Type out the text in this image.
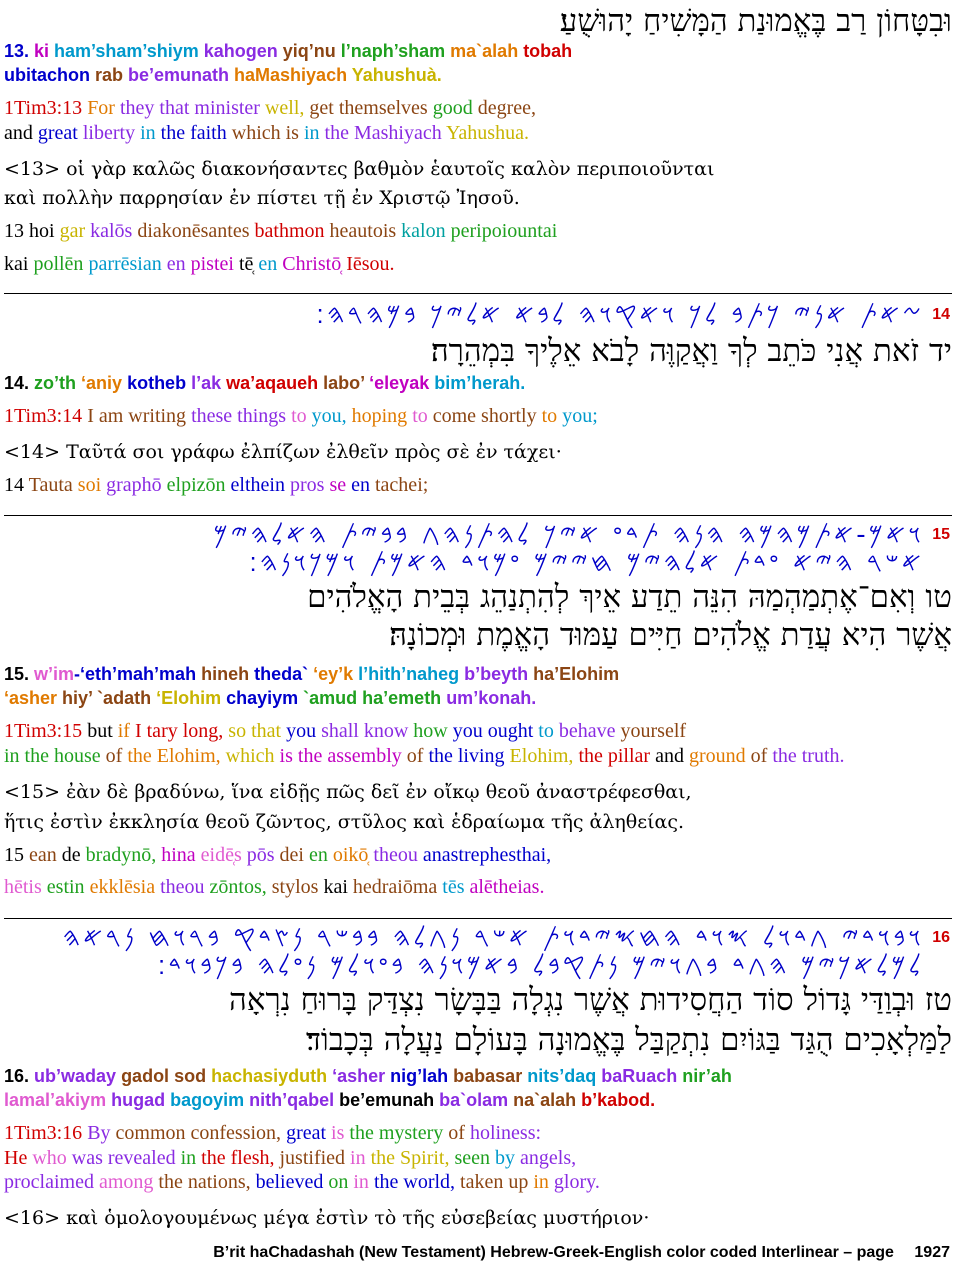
וּבִטָּחוֹן רַב בֶּאֱמוּנַת הַמָּשִׁיחַ יָהוּשֻׁעַ׃
13. ki ham’sham’shiym kahogen yiq’nu l’naph’sham ma`alah tobah
ubitachon rab be’emunath haMashiyach Yahushuà.
1Tim3:13 For they that minister well, get themselves good degree,
and great liberty in the faith which is in the Mashiyach Yahushua.
<13> οἱ γὰρ καλῶς διακονήσαντες βαθμὸν ἑαυτοῖς καλὸν περιποιοῦνται
καὶ πολλὴν παρρησίαν ἐν πίστει τῇ ἐν Χριστῷ Ἰησοῦ.
13 hoi gar kalōs diakonēsantes bathmon heautois kalon peripoiountai
kai pollēn parrēsian en pistei tē̜ en Christō̜ Iēsou.
14
𐤆𐤀𐤕 𐤀𐤍𐤉 𐤊𐤕𐤁 𐤋𐤊 𐤅𐤀𐤒𐤅𐤄 𐤋𐤁𐤀 𐤀𐤋𐤉𐤊 𐤁𐤌𐤄𐤓𐤄׃
יד זֹאת אֲנִי כֹּתֵב לְךָ וַאֲקַוֶּה לָבֹא אֵלֶיךָ בִּמְהֵרָה׃
14. zo’th ‘aniy kotheb l’ak wa’aqaueh labo’ ‘eleyak bim’herah.
1Tim3:14 I am writing these things to you, hoping to come shortly to you;
<14> Ταῦτά σοι γράφω ἐλπίζων ἐλθεῖν πρὸς σὲ ἐν τάχει·
14 Tauta soi graphō elpizōn elthein pros se en tachei;
15
𐤅𐤀𐤌-𐤀𐤕𐤌𐤄𐤌𐤄 𐤄𐤍𐤄 𐤕𐤃𐤏 𐤀𐤉𐤊 𐤋𐤄𐤕𐤍𐤄𐤂 𐤁𐤁𐤉𐤕 𐤄𐤀𐤋𐤄𐤉𐤌
𐤀𐤔𐤓 𐤄𐤉𐤀 𐤏𐤃𐤕 𐤀𐤋𐤄𐤉𐤌 𐤇𐤉𐤉𐤌 𐤏𐤌𐤅𐤃 𐤄𐤀𐤌𐤕 𐤅𐤌𐤊𐤅𐤍𐤄׃
טו וְאִם־אֶתְמַהְמַהּ הִנֵּה תֵדַע אֵיךְ לְהִתְנַהֵג בְּבֵית הָאֱלֹהִים
אֲשֶׁר הִיא עֲדַת אֱלֹהִים חַיִּים עַמּוּד הָאֱמֶת וּמְכוֹנָהּ׃
15. w’im-‘eth’mah’mah hineh theda` ‘ey’k l’hith’naheg b’beyth ha’Elohim
‘asher hiy’ `adath ‘Elohim chayiym `amud ha’emeth um’konah.
1Tim3:15 but if I tary long, so that you shall know how you ought to behave yourself
in the house of the Elohim, which is the assembly of the living Elohim, the pillar and ground of the truth.
<15> ἐὰν δὲ βραδύνω, ἵνα εἰδῇς πῶς δεῖ ἐν οἴκῳ θεοῦ ἀναστρέφεσθαι,
ἥτις ἐστὶν ἐκκλησία θεοῦ ζῶντος, στῦλος καὶ ἑδραίωμα τῆς ἀληθείας.
15 ean de bradynō, hina eidē̜s pōs dei en oikō̜ theou anastrephesthai,
hētis estin ekklēsia theou zōntos, stylos kai hedraiōma tēs alētheias.
16
𐤅𐤁𐤅𐤃𐤉 𐤂𐤃𐤅𐤋 𐤎𐤅𐤃 𐤄𐤇𐤎𐤉𐤃𐤅𐤕 𐤀𐤔𐤓 𐤍𐤂𐤋𐤄 𐤁𐤁𐤔𐤓 𐤍𐤑𐤃𐤒 𐤁𐤓𐤅𐤇 𐤍𐤓𐤀𐤄
𐤋𐤌𐤋𐤀𐤊𐤉𐤌 𐤄𐤂𐤃 𐤁𐤂𐤅𐤉𐤌 𐤍𐤕𐤒𐤁𐤋 𐤁𐤀𐤌𐤅𐤍𐤄 𐤁𐤏𐤅𐤋𐤌 𐤍𐤏𐤋𐤄 𐤁𐤊𐤁𐤅𐤃׃
טז וּבְוַדַּי גָּדוֹל סוֹד הַחֲסִידוּת אֲשֶׁר נִגְלָה בַּבָּשָׂר נִצְדַּק בָּרוּחַ נִרְאָה
לַמַּלְאָכִים הֻגַּד בַּגּוֹיִם נִתְקַבַּל בֶּאֱמוּנָה בָּעוֹלָם נַעֲלָה בְּכָבוֹד׃
16. ub’waday gadol sod hachasiyduth ‘asher nig’lah babasar nits’daq baRuach nir’ah
lamal’akiym hugad bagoyim nith’qabel be’emunah ba`olam na`alah b’kabod.
1Tim3:16 By common confession, great is the mystery of holiness:
He who was revealed in the flesh, justified in the Spirit, seen by angels,
proclaimed among the nations, believed on in the world, taken up in glory.
<16> καὶ ὁμολογουμένως μέγα ἐστὶν τὸ τῆς εὐσεβείας μυστήριον·
B’rit haChadashah (New Testament) Hebrew-Greek-English color coded Interlinear – page 1927
